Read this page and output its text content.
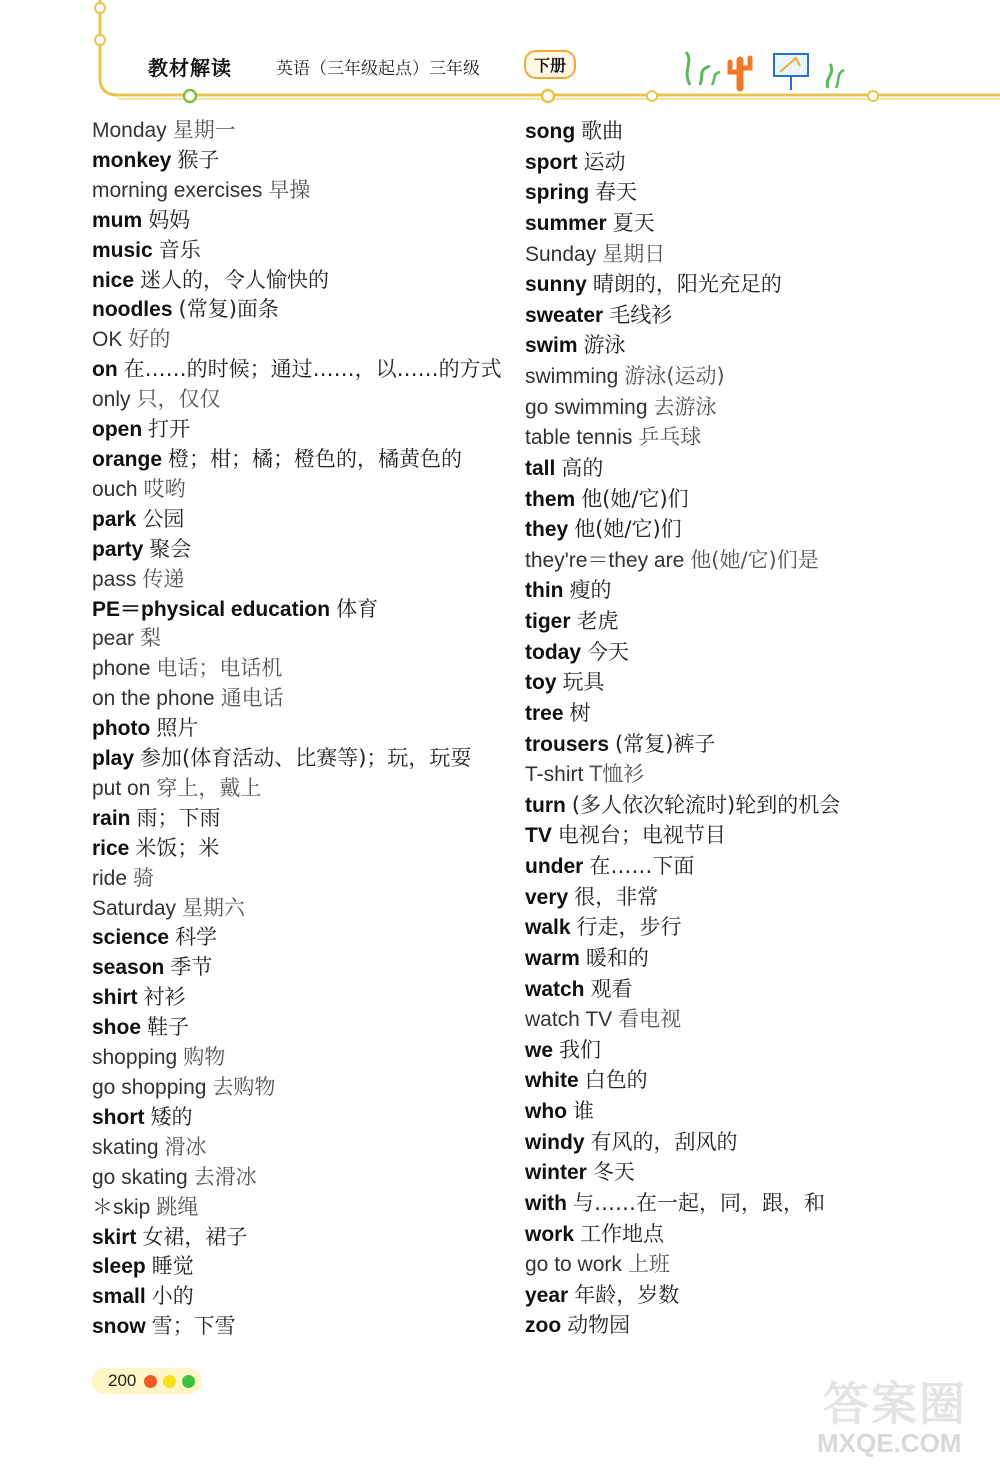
教材解读	英语（三年级起点）三年级	下册
Monday 星期一
monkey 猴子
morning exercises 早操
mum 妈妈
music 音乐
nice 迷人的，令人愉快的
noodles (常复)面条
OK 好的
on 在……的时候；通过……，以……的方式
only 只，仅仅
open 打开
orange 橙；柑；橘；橙色的，橘黄色的
ouch 哎哟
park 公园
party 聚会
pass 传递
PE＝physical education 体育
pear 梨
phone 电话；电话机
on the phone 通电话
photo 照片
play 参加(体育活动、比赛等)；玩，玩耍
put on 穿上，戴上
rain 雨；下雨
rice 米饭；米
ride 骑
Saturday 星期六
science 科学
season 季节
shirt 衬衫
shoe 鞋子
shopping 购物
go shopping 去购物
short 矮的
skating 滑冰
go skating 去滑冰
＊skip 跳绳
skirt 女裙，裙子
sleep 睡觉
small 小的
snow 雪；下雪
song 歌曲
sport 运动
spring 春天
summer 夏天
Sunday 星期日
sunny 晴朗的，阳光充足的
sweater 毛线衫
swim 游泳
swimming 游泳(运动)
go swimming 去游泳
table tennis 乒乓球
tall 高的
them 他(她/它)们
they 他(她/它)们
they're＝they are 他(她/它)们是
thin 瘦的
tiger 老虎
today 今天
toy 玩具
tree 树
trousers (常复)裤子
T-shirt T恤衫
turn (多人依次轮流时)轮到的机会
TV 电视台；电视节目
under 在……下面
very 很，非常
walk 行走，步行
warm 暖和的
watch 观看
watch TV 看电视
we 我们
white 白色的
who 谁
windy 有风的，刮风的
winter 冬天
with 与……在一起，同，跟，和
work 工作地点
go to work 上班
year 年龄，岁数
zoo 动物园
200	答案圈
MXQE.COM
